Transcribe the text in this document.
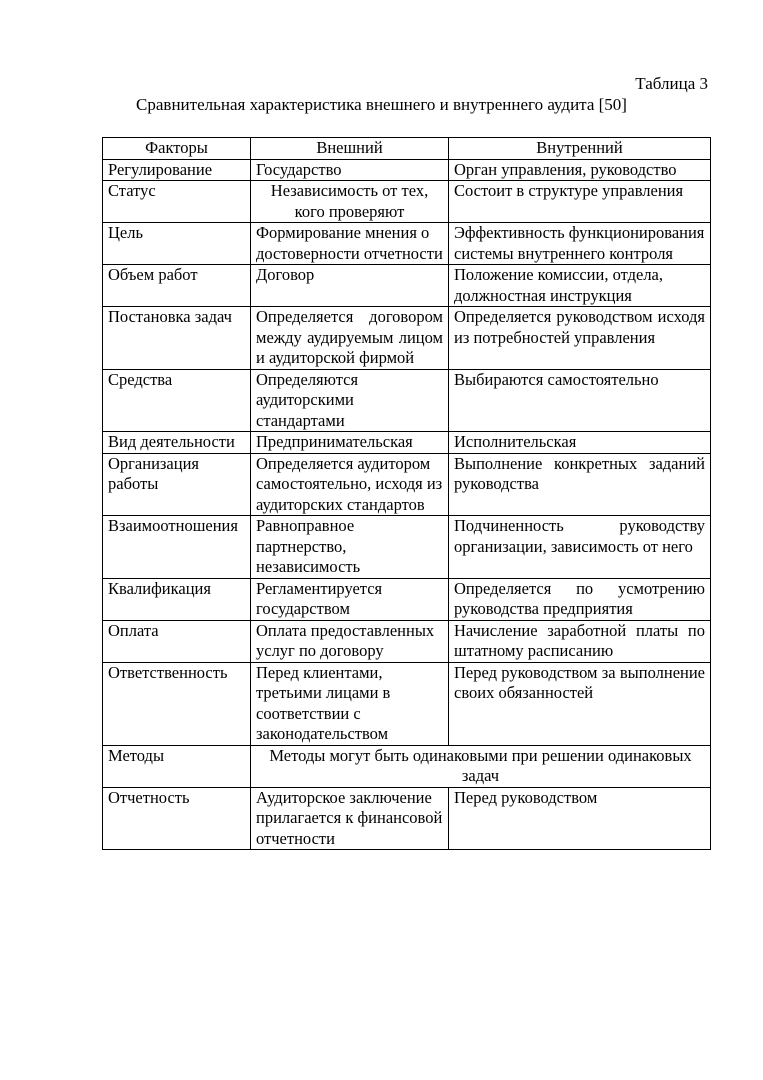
Таблица 3
Сравнительная характеристика внешнего и внутреннего аудита [50]
Факторы	Внешний	Внутренний
Регулирование	Государство	Орган управления, руководство
Статус	Независимость от тех, кого проверяют	Состоит в структуре управления
Цель	Формирование мнения о достоверности отчетности	Эффективность функционирования системы внутреннего контроля
Объем работ	Договор	Положение комиссии, отдела, должностная инструкция
Постановка задач	Определяется договором между аудируемым лицом и аудиторской фирмой	Определяется руководством исходя из потребностей управления
Средства	Определяются аудиторскими стандартами	Выбираются самостоятельно
Вид деятельности	Предпринимательская	Исполнительская
Организация работы	Определяется аудитором самостоятельно, исходя из аудиторских стандартов	Выполнение конкретных заданий руководства
Взаимоотношения	Равноправное партнерство, независимость	Подчиненность руководству организации, зависимость от него
Квалификация	Регламентируется государством	Определяется по усмотрению руководства предприятия
Оплата	Оплата предоставленных услуг по договору	Начисление заработной платы по штатному расписанию
Ответственность	Перед клиентами, третьими лицами в соответствии с законодательством	Перед руководством за выполнение своих обязанностей
Методы	Методы могут быть одинаковыми при решении одинаковых задач	
Отчетность	Аудиторское заключение прилагается к финансовой отчетности	Перед руководством
